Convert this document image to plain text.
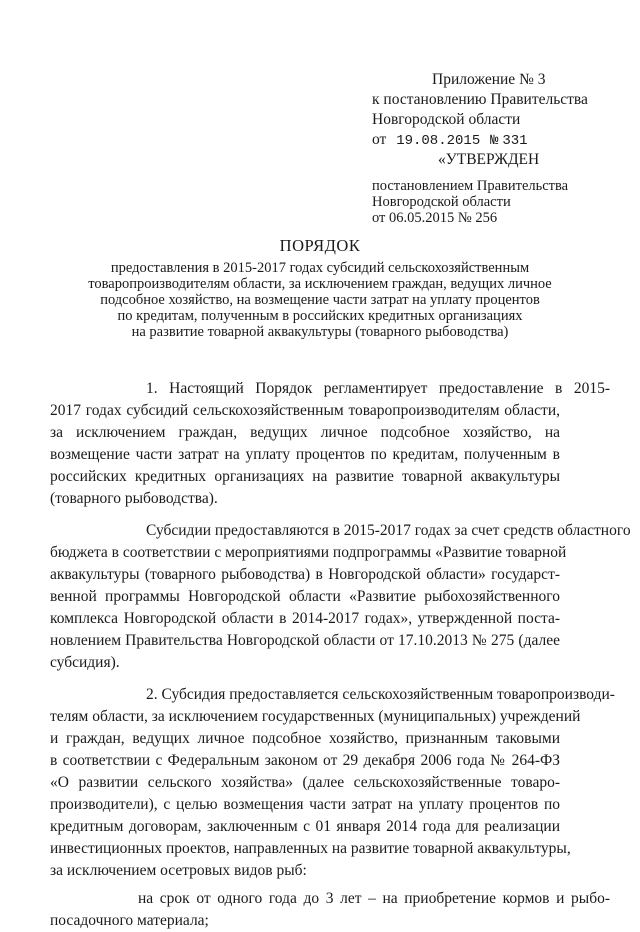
Приложение № 3
к постановлению Правительства
Новгородской области
от 19.08.2015 № 331
«УТВЕРЖДЕН
постановлением Правительства
Новгородской области
от 06.05.2015 № 256
ПОРЯДОК
предоставления в 2015-2017 годах субсидий сельскохозяйственным
товаропроизводителям области, за исключением граждан, ведущих личное
подсобное хозяйство, на возмещение части затрат на уплату процентов
по кредитам, полученным в российских кредитных организациях
на развитие товарной аквакультуры (товарного рыбоводства)
1. Настоящий Порядок регламентирует предоставление в 2015-
2017 годах субсидий сельскохозяйственным товаропроизводителям области,
за исключением граждан, ведущих личное подсобное хозяйство, на
возмещение части затрат на уплату процентов по кредитам, полученным в
российских кредитных организациях на развитие товарной аквакультуры
(товарного рыбоводства).
Субсидии предоставляются в 2015-2017 годах за счет средств областного
бюджета в соответствии с мероприятиями подпрограммы «Развитие товарной
аквакультуры (товарного рыбоводства) в Новгородской области» государст-
венной программы Новгородской области «Развитие рыбохозяйственного
комплекса Новгородской области в 2014-2017 годах», утвержденной поста-
новлением Правительства Новгородской области от 17.10.2013 № 275 (далее
субсидия).
2. Субсидия предоставляется сельскохозяйственным товаропроизводи-
телям области, за исключением государственных (муниципальных) учреждений
и граждан, ведущих личное подсобное хозяйство, признанным таковыми
в соответствии с Федеральным законом от 29 декабря 2006 года № 264-ФЗ
«О развитии сельского хозяйства» (далее сельскохозяйственные товаро-
производители), с целью возмещения части затрат на уплату процентов по
кредитным договорам, заключенным с 01 января 2014 года для реализации
инвестиционных проектов, направленных на развитие товарной аквакультуры,
за исключением осетровых видов рыб:
на срок от одного года до 3 лет – на приобретение кормов и рыбо-
посадочного материала;
